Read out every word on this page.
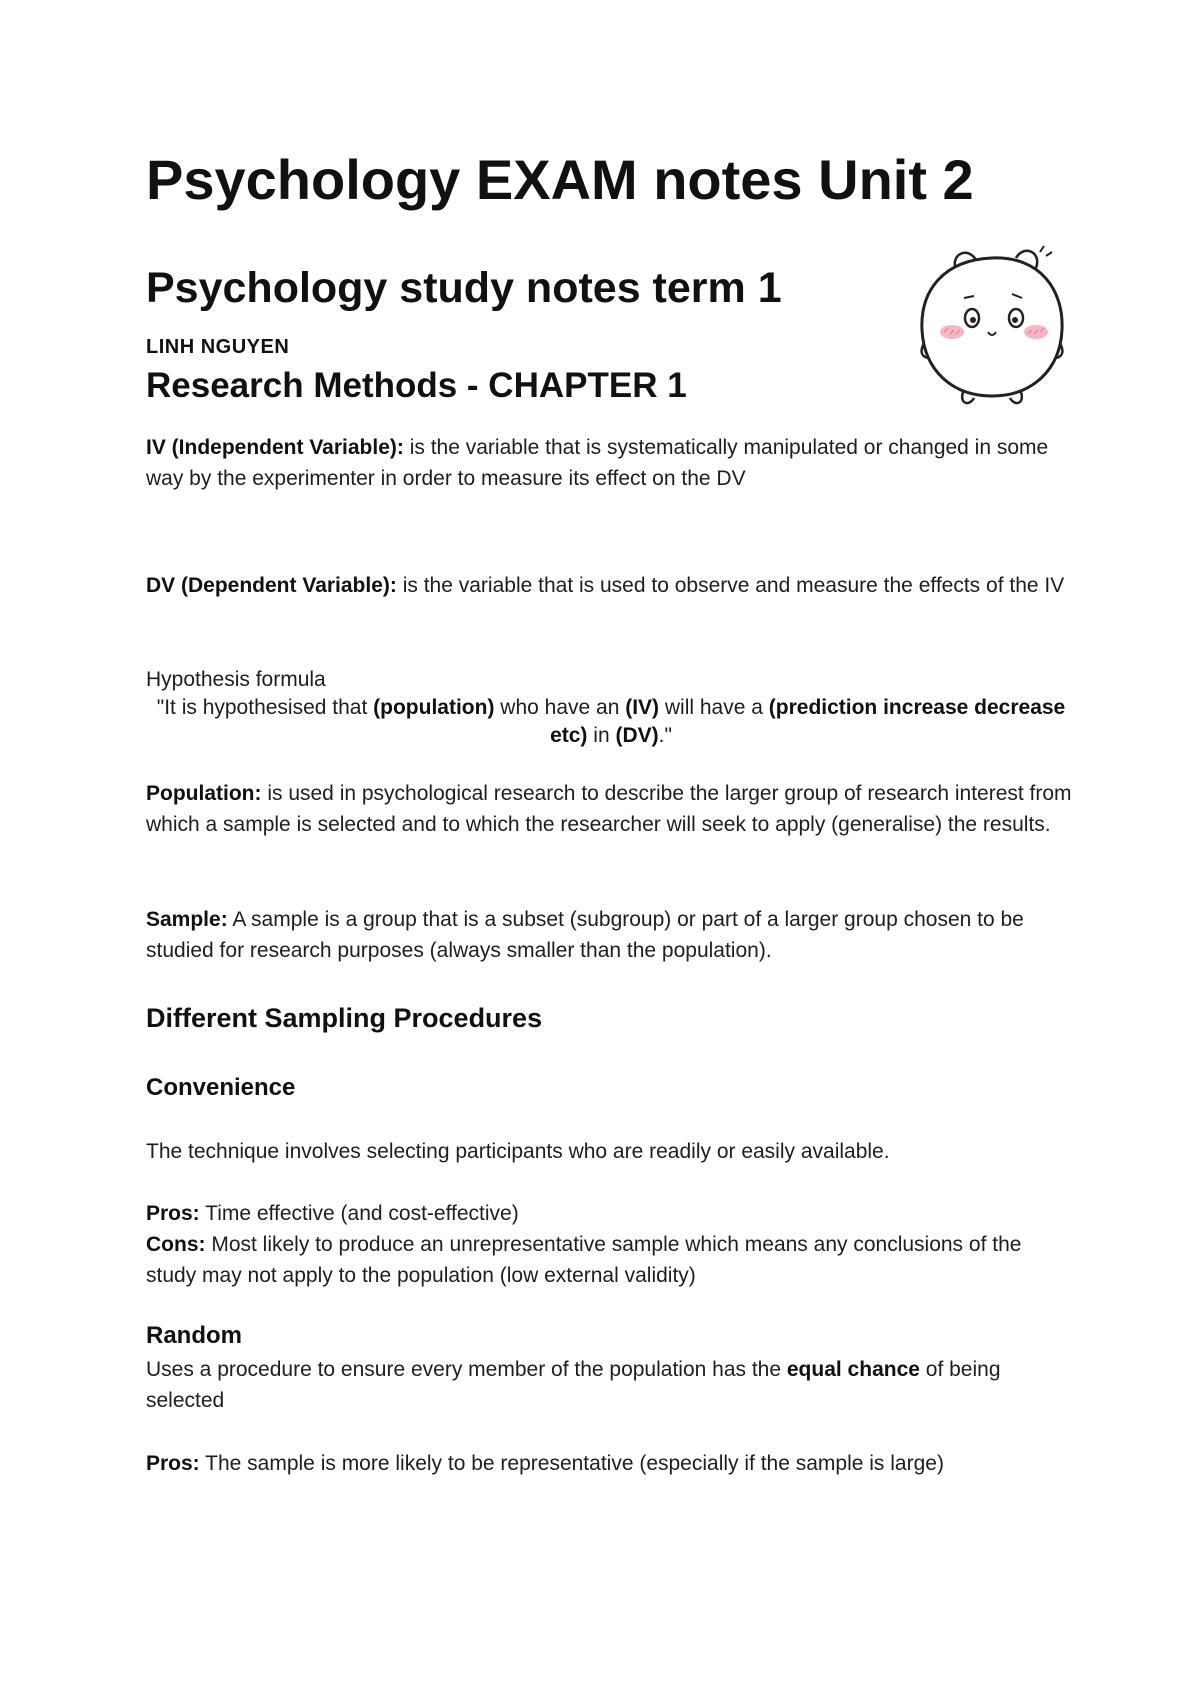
Psychology EXAM notes Unit 2
Psychology study notes term 1
LINH NGUYEN
Research Methods - CHAPTER 1

IV (Independent Variable): is the variable that is systematically manipulated or changed in some way by the experimenter in order to measure its effect on the DV

DV (Dependent Variable): is the variable that is used to observe and measure the effects of the IV

Hypothesis formula
"It is hypothesised that (population) who have an (IV) will have a (prediction increase decrease etc) in (DV)."

Population: is used in psychological research to describe the larger group of research interest from which a sample is selected and to which the researcher will seek to apply (generalise) the results.

Sample: A sample is a group that is a subset (subgroup) or part of a larger group chosen to be studied for research purposes (always smaller than the population).

Different Sampling Procedures
Convenience
The technique involves selecting participants who are readily or easily available.

Pros: Time effective (and cost-effective)

Cons: Most likely to produce an unrepresentative sample which means any conclusions of the study may not apply to the population (low external validity)

Random

Uses a procedure to ensure every member of the population has the equal chance of being selected

Pros: The sample is more likely to be representative (especially if the sample is large)
